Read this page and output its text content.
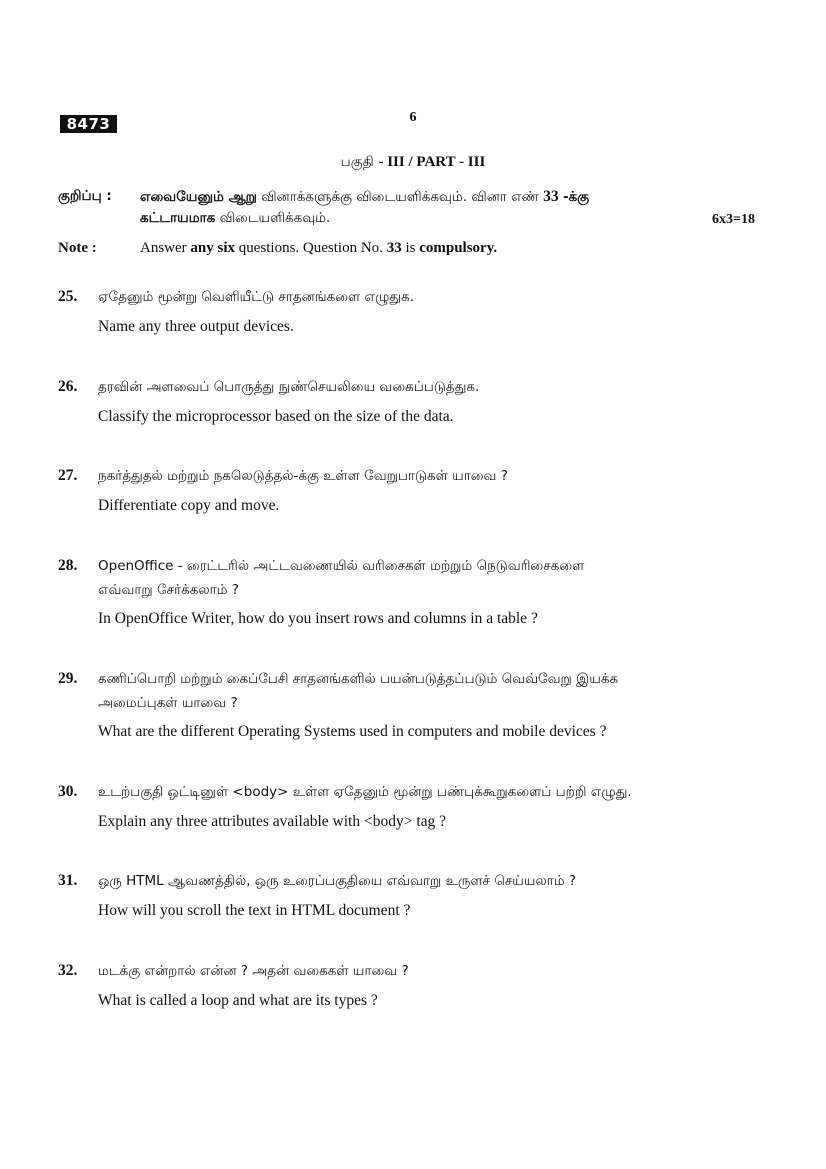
8473	6
பகுதி - III / PART - III
குறிப்பு : எவையேனும் ஆறு வினாக்களுக்கு விடையளிக்கவும். வினா எண் 33 -க்கு
கட்டாயமாக விடையளிக்கவும்.	6x3=18
Note :	Answer any six questions. Question No. 33 is compulsory.
25.	ஏதேனும் மூன்று வெளியீட்டு சாதனங்களை எழுதுக.
Name any three output devices.
26.	தரவின் அளவைப் பொருத்து நுண்செயலியை வகைப்படுத்துக.
Classify the microprocessor based on the size of the data.
27.	நகர்த்துதல் மற்றும் நகலெடுத்தல்-க்கு உள்ள வேறுபாடுகள் யாவை ?
Differentiate copy and move.
28.	OpenOffice - ரைட்டரில் அட்டவணையில் வரிசைகள் மற்றும் நெடுவரிசைகளை
எவ்வாறு சேர்க்கலாம் ?
In OpenOffice Writer, how do you insert rows and columns in a table ?
29.	கணிப்பொறி மற்றும் கைப்பேசி சாதனங்களில் பயன்படுத்தப்படும் வெவ்வேறு இயக்க
அமைப்புகள் யாவை ?
What are the different Operating Systems used in computers and mobile devices ?
30.	உடற்பகுதி ஒட்டினுள் <body> உள்ள ஏதேனும் மூன்று பண்புக்கூறுகளைப் பற்றி எழுது.
Explain any three attributes available with <body> tag ?
31.	ஒரு HTML ஆவணத்தில், ஒரு உரைப்பகுதியை எவ்வாறு உருளச் செய்யலாம் ?
How will you scroll the text in HTML document ?
32.	மடக்கு என்றால் என்ன ? அதன் வகைகள் யாவை ?
What is called a loop and what are its types ?
